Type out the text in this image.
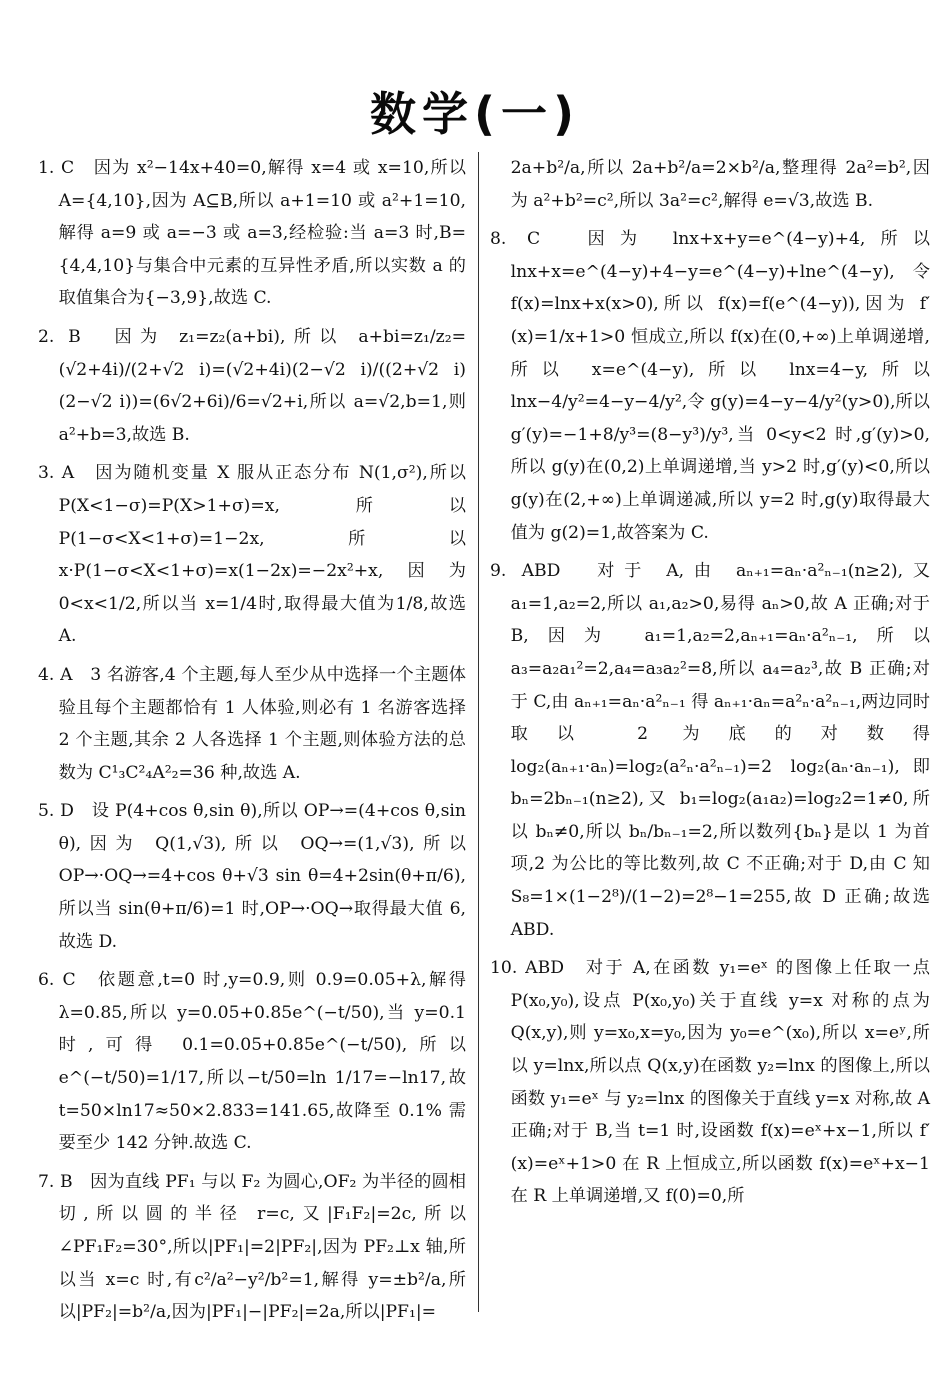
数学(一)

1. C　因为 x²−14x+40=0,解得 x=4 或 x=10,所以 A={4,10},因为 A⊆B,所以 a+1=10 或 a²+1=10,解得 a=9 或 a=−3 或 a=3,经检验:当 a=3 时,B={4,4,10}与集合中元素的互异性矛盾,所以实数 a 的取值集合为{−3,9},故选 C.

2. B　因为 z₁=z₂(a+bi),所以 a+bi=z₁/z₂=(√2+4i)/(2+√2 i)=(√2+4i)(2−√2 i)/((2+√2 i)(2−√2 i))=(6√2+6i)/6=√2+i,所以 a=√2,b=1,则 a²+b=3,故选 B.

3. A　因为随机变量 X 服从正态分布 N(1,σ²),所以 P(X<1−σ)=P(X>1+σ)=x,所以 P(1−σ<X<1+σ)=1−2x,所以 x·P(1−σ<X<1+σ)=x(1−2x)=−2x²+x,因为 0<x<1/2,所以当 x=1/4时,取得最大值为1/8,故选 A.

4. A　3 名游客,4 个主题,每人至少从中选择一个主题体验且每个主题都恰有 1 人体验,则必有 1 名游客选择 2 个主题,其余 2 人各选择 1 个主题,则体验方法的总数为 C¹₃C²₄A²₂=36 种,故选 A.

5. D　设 P(4+cos θ,sin θ),所以 OP→=(4+cos θ,sin θ),因为 Q(1,√3),所以 OQ→=(1,√3),所以 OP→·OQ→=4+cos θ+√3 sin θ=4+2sin(θ+π/6),所以当 sin(θ+π/6)=1 时,OP→·OQ→取得最大值 6,故选 D.

6. C　依题意,t=0 时,y=0.9,则 0.9=0.05+λ,解得 λ=0.85,所以 y=0.05+0.85e^(−t/50),当 y=0.1 时,可得 0.1=0.05+0.85e^(−t/50),所以 e^(−t/50)=1/17,所以−t/50=ln 1/17=−ln17,故 t=50×ln17≈50×2.833=141.65,故降至 0.1% 需要至少 142 分钟.故选 C.

7. B　因为直线 PF₁ 与以 F₂ 为圆心,OF₂ 为半径的圆相切,所以圆的半径 r=c,又|F₁F₂|=2c,所以∠PF₁F₂=30°,所以|PF₁|=2|PF₂|,因为 PF₂⊥x 轴,所以当 x=c 时,有c²/a²−y²/b²=1,解得 y=±b²/a,所以|PF₂|=b²/a,因为|PF₁|−|PF₂|=2a,所以|PF₁|=

2a+b²/a,所以 2a+b²/a=2×b²/a,整理得 2a²=b²,因为 a²+b²=c²,所以 3a²=c²,解得 e=√3,故选 B.

8. C　因为 lnx+x+y=e^(4−y)+4,所以 lnx+x=e^(4−y)+4−y=e^(4−y)+lne^(4−y),令 f(x)=lnx+x(x>0),所以 f(x)=f(e^(4−y)),因为 f′(x)=1/x+1>0 恒成立,所以 f(x)在(0,+∞)上单调递增,所以 x=e^(4−y),所以 lnx=4−y,所以 lnx−4/y²=4−y−4/y²,令 g(y)=4−y−4/y²(y>0),所以 g′(y)=−1+8/y³=(8−y³)/y³,当 0<y<2 时,g′(y)>0,所以 g(y)在(0,2)上单调递增,当 y>2 时,g′(y)<0,所以 g(y)在(2,+∞)上单调递减,所以 y=2 时,g(y)取得最大值为 g(2)=1,故答案为 C.

9. ABD　对于 A,由 aₙ₊₁=aₙ·a²ₙ₋₁(n≥2),又 a₁=1,a₂=2,所以 a₁,a₂>0,易得 aₙ>0,故 A 正确;对于 B,因为 a₁=1,a₂=2,aₙ₊₁=aₙ·a²ₙ₋₁,所以 a₃=a₂a₁²=2,a₄=a₃a₂²=8,所以 a₄=a₂³,故 B 正确;对于 C,由 aₙ₊₁=aₙ·a²ₙ₋₁ 得 aₙ₊₁·aₙ=a²ₙ·a²ₙ₋₁,两边同时取以 2 为底的对数得 log₂(aₙ₊₁·aₙ)=log₂(a²ₙ·a²ₙ₋₁)=2 log₂(aₙ·aₙ₋₁),即 bₙ=2bₙ₋₁(n≥2),又 b₁=log₂(a₁a₂)=log₂2=1≠0,所以 bₙ≠0,所以 bₙ/bₙ₋₁=2,所以数列{bₙ}是以 1 为首项,2 为公比的等比数列,故 C 不正确;对于 D,由 C 知 S₈=1×(1−2⁸)/(1−2)=2⁸−1=255,故 D 正确;故选 ABD.

10. ABD　对于 A,在函数 y₁=eˣ 的图像上任取一点 P(x₀,y₀),设点 P(x₀,y₀)关于直线 y=x 对称的点为 Q(x,y),则 y=x₀,x=y₀,因为 y₀=e^(x₀),所以 x=eʸ,所以 y=lnx,所以点 Q(x,y)在函数 y₂=lnx 的图像上,所以函数 y₁=eˣ 与 y₂=lnx 的图像关于直线 y=x 对称,故 A 正确;对于 B,当 t=1 时,设函数 f(x)=eˣ+x−1,所以 f′(x)=eˣ+1>0 在 R 上恒成立,所以函数 f(x)=eˣ+x−1 在 R 上单调递增,又 f(0)=0,所
